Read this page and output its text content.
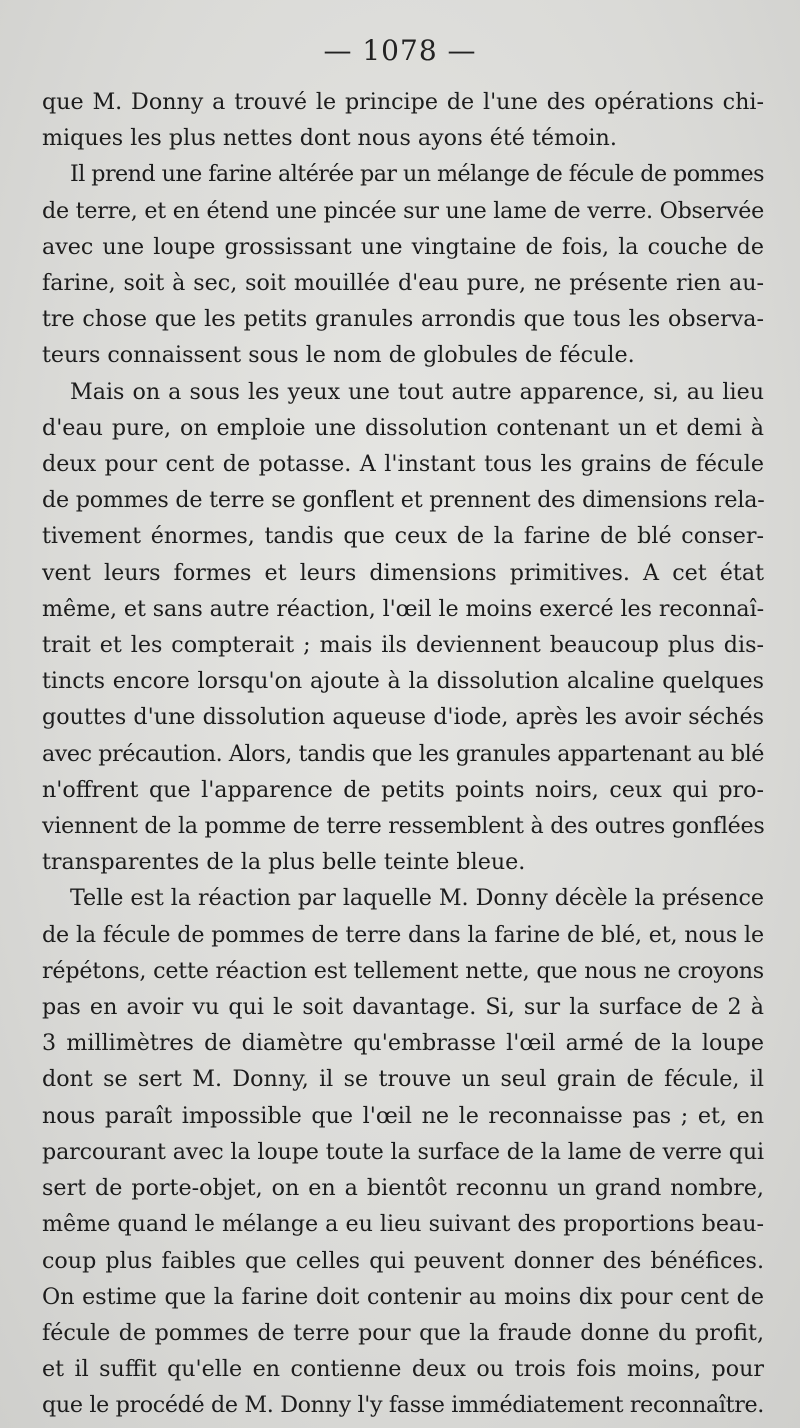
— 1078 —
que M. Donny a trouvé le principe de l'une des opérations chi-
miques les plus nettes dont nous ayons été témoin.
Il prend une farine altérée par un mélange de fécule de pommes
de terre, et en étend une pincée sur une lame de verre. Observée
avec une loupe grossissant une vingtaine de fois, la couche de
farine, soit à sec, soit mouillée d'eau pure, ne présente rien au-
tre chose que les petits granules arrondis que tous les observa-
teurs connaissent sous le nom de globules de fécule.
Mais on a sous les yeux une tout autre apparence, si, au lieu
d'eau pure, on emploie une dissolution contenant un et demi à
deux pour cent de potasse. A l'instant tous les grains de fécule
de pommes de terre se gonflent et prennent des dimensions rela-
tivement énormes, tandis que ceux de la farine de blé conser-
vent leurs formes et leurs dimensions primitives. A cet état
même, et sans autre réaction, l'œil le moins exercé les reconnaî-
trait et les compterait ; mais ils deviennent beaucoup plus dis-
tincts encore lorsqu'on ajoute à la dissolution alcaline quelques
gouttes d'une dissolution aqueuse d'iode, après les avoir séchés
avec précaution. Alors, tandis que les granules appartenant au blé
n'offrent que l'apparence de petits points noirs, ceux qui pro-
viennent de la pomme de terre ressemblent à des outres gonflées
transparentes de la plus belle teinte bleue.
Telle est la réaction par laquelle M. Donny décèle la présence
de la fécule de pommes de terre dans la farine de blé, et, nous le
répétons, cette réaction est tellement nette, que nous ne croyons
pas en avoir vu qui le soit davantage. Si, sur la surface de 2 à
3 millimètres de diamètre qu'embrasse l'œil armé de la loupe
dont se sert M. Donny, il se trouve un seul grain de fécule, il
nous paraît impossible que l'œil ne le reconnaisse pas ; et, en
parcourant avec la loupe toute la surface de la lame de verre qui
sert de porte-objet, on en a bientôt reconnu un grand nombre,
même quand le mélange a eu lieu suivant des proportions beau-
coup plus faibles que celles qui peuvent donner des bénéfices.
On estime que la farine doit contenir au moins dix pour cent de
fécule de pommes de terre pour que la fraude donne du profit,
et il suffit qu'elle en contienne deux ou trois fois moins, pour
que le procédé de M. Donny l'y fasse immédiatement reconnaître.
